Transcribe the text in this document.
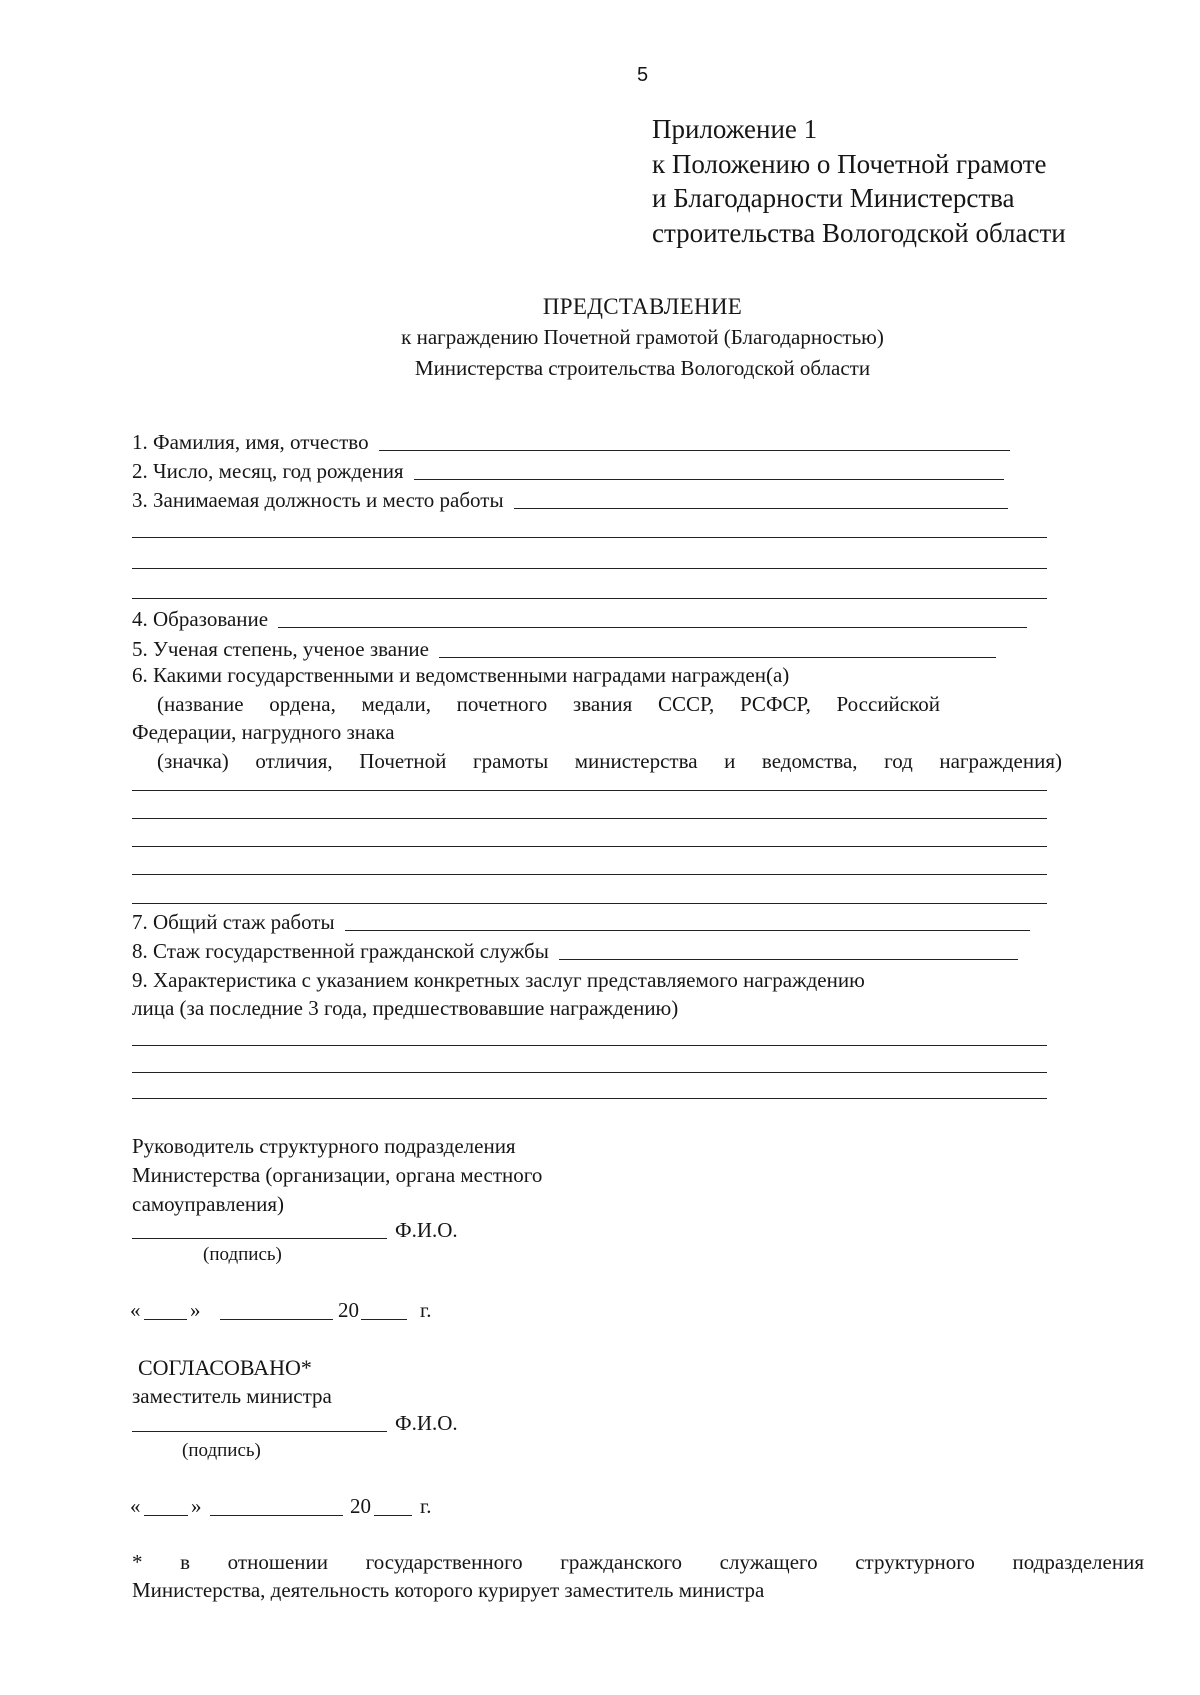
5
Приложение 1
к Положению о Почетной грамоте
и Благодарности Министерства
строительства Вологодской области
ПРЕДСТАВЛЕНИЕ
к награждению Почетной грамотой (Благодарностью)
Министерства строительства Вологодской области
1. Фамилия, имя, отчество
2. Число, месяц, год рождения
3. Занимаемая должность и место работы
4. Образование
5. Ученая степень, ученое звание
6. Какими государственными и ведомственными наградами награжден(а)
(название ордена, медали, почетного звания СССР, РСФСР, Российской
Федерации, нагрудного знака
(значка) отличия, Почетной грамоты министерства и ведомства, год награждения)
7. Общий стаж работы
8. Стаж государственной гражданской службы
9. Характеристика с указанием конкретных заслуг представляемого награждению
лица (за последние 3 года, предшествовавшие награждению)
Руководитель структурного подразделения
Министерства (организации, органа местного
самоуправления)
Ф.И.О.
(подпись)
« »	20	г.
СОГЛАСОВАНО*
заместитель министра
Ф.И.О.
(подпись)
« »	20 г.
* в отношении государственного гражданского служащего структурного подразделения
Министерства, деятельность которого курирует заместитель министра
